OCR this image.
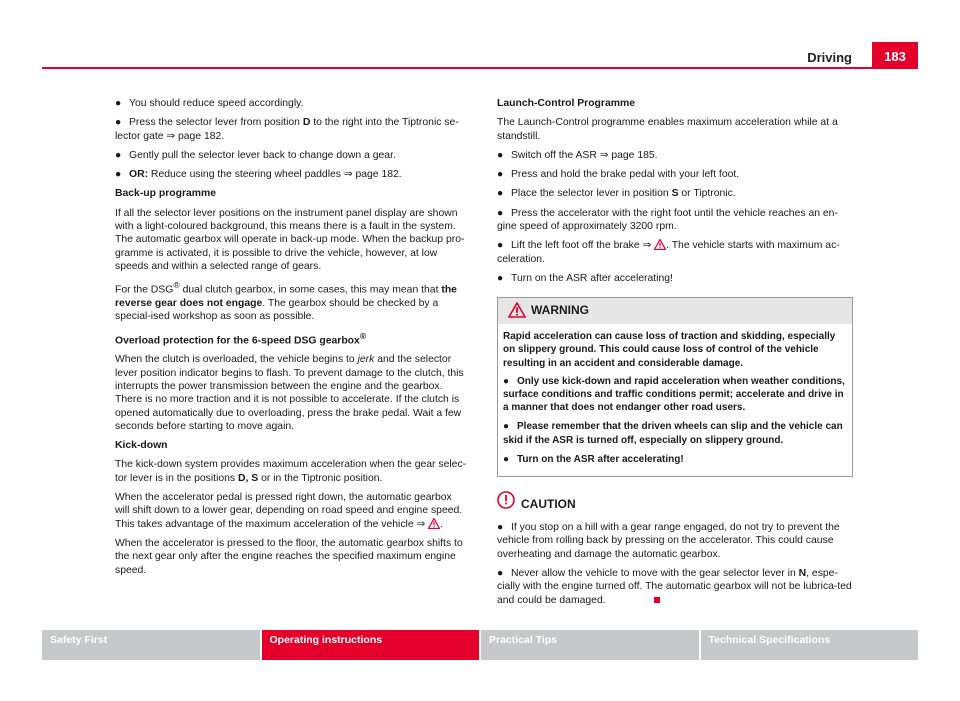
Driving	183
● You should reduce speed accordingly.
● Press the selector lever from position D to the right into the Tiptronic se-lector gate ⇒ page 182.
● Gently pull the selector lever back to change down a gear.
● OR: Reduce using the steering wheel paddles ⇒ page 182.

Back-up programme

If all the selector lever positions on the instrument panel display are shown with a light-coloured background, this means there is a fault in the system. The automatic gearbox will operate in back-up mode. When the backup pro-gramme is activated, it is possible to drive the vehicle, however, at low speeds and within a selected range of gears.

For the DSG® dual clutch gearbox, in some cases, this may mean that the reverse gear does not engage. The gearbox should be checked by a special-ised workshop as soon as possible.

Overload protection for the 6-speed DSG gearbox®

When the clutch is overloaded, the vehicle begins to jerk and the selector lever position indicator begins to flash. To prevent damage to the clutch, this interrupts the power transmission between the engine and the gearbox. There is no more traction and it is not possible to accelerate. If the clutch is opened automatically due to overloading, press the brake pedal. Wait a few seconds before starting to move again.

Kick-down

The kick-down system provides maximum acceleration when the gear selec-tor lever is in the positions D, S or in the Tiptronic position.

When the accelerator pedal is pressed right down, the automatic gearbox will shift down to a lower gear, depending on road speed and engine speed. This takes advantage of the maximum acceleration of the vehicle ⇒ .

When the accelerator is pressed to the floor, the automatic gearbox shifts to the next gear only after the engine reaches the specified maximum engine speed.

Launch-Control Programme

The Launch-Control programme enables maximum acceleration while at a standstill.

● Switch off the ASR ⇒ page 185.
● Press and hold the brake pedal with your left foot.
● Place the selector lever in position S or Tiptronic.
● Press the accelerator with the right foot until the vehicle reaches an en-gine speed of approximately 3200 rpm.
● Lift the left foot off the brake ⇒ . The vehicle starts with maximum ac-celeration.
● Turn on the ASR after accelerating!
WARNING

Rapid acceleration can cause loss of traction and skidding, especially on slippery ground. This could cause loss of control of the vehicle resulting in an accident and considerable damage.

● Only use kick-down and rapid acceleration when weather conditions, surface conditions and traffic conditions permit; accelerate and drive in a manner that does not endanger other road users.
● Please remember that the driven wheels can slip and the vehicle can skid if the ASR is turned off, especially on slippery ground.
● Turn on the ASR after accelerating!
CAUTION
● If you stop on a hill with a gear range engaged, do not try to prevent the vehicle from rolling back by pressing on the accelerator. This could cause overheating and damage the automatic gearbox.
● Never allow the vehicle to move with the gear selector lever in N, espe-cially with the engine turned off. The automatic gearbox will not be lubrica-ted and could be damaged.
Safety First	Operating instructions	Practical Tips	Technical Specifications
